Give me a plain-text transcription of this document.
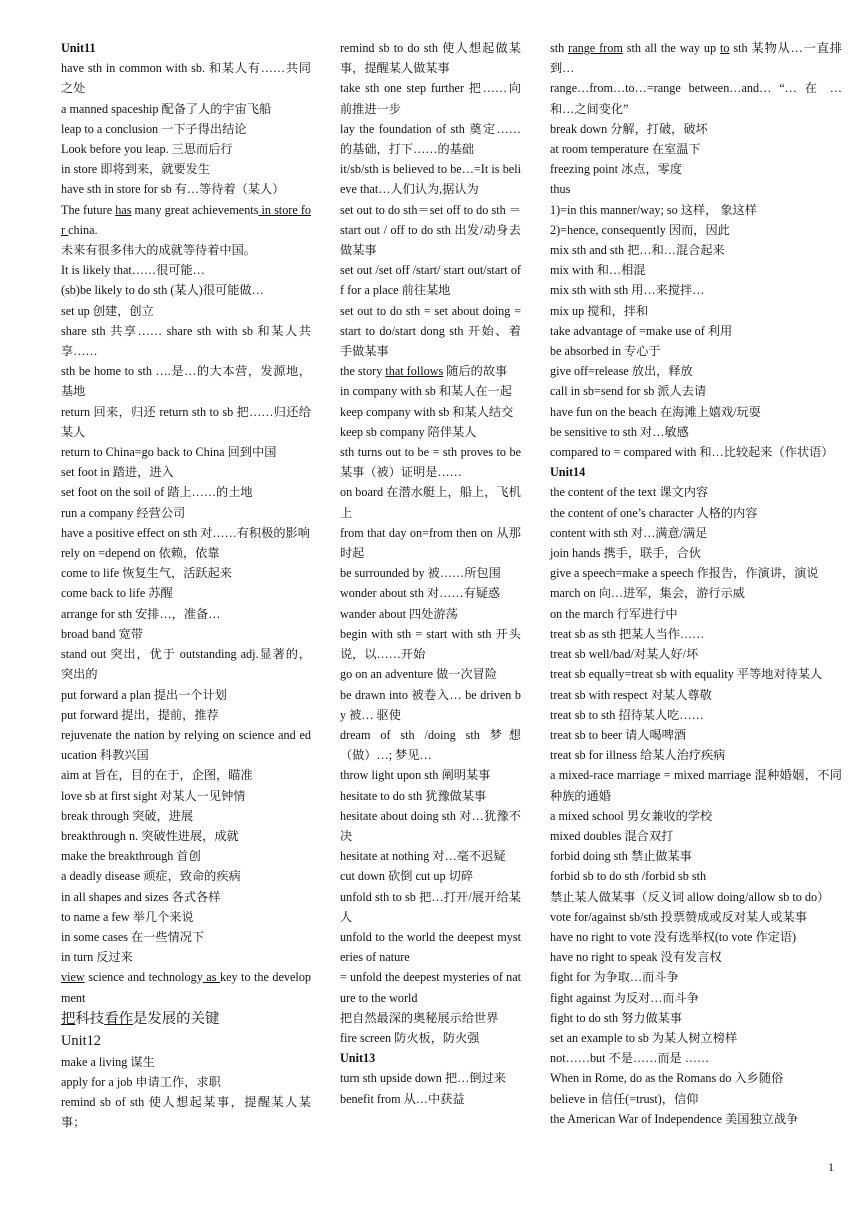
Unit11

have sth in common with sb. 和某人有……共同之处

a manned spaceship 配备了人的宇宙飞船

leap to a conclusion 一下子得出结论

Look before you leap. 三思而后行

in store 即将到来，就要发生

have sth in store for sb 有…等待着（某人）

The future has many great achievements in store for china.

未来有很多伟大的成就等待着中国。

It is likely that……很可能…

(sb)be likely to do sth (某人)很可能做…

set up 创建，创立

share sth 共享…… share sth with sb 和某人共享……

sth be home to sth ….是…的大本营，发源地，基地

return 回来，归还 return sth to sb 把……归还给某人

return to China=go back to China 回到中国

set foot in 踏进，进入

set foot on the soil of 踏上……的土地

run a company 经营公司

have a positive effect on sth 对……有积极的影响

rely on =depend on 依赖，依靠

come to life 恢复生气，活跃起来

come back to life 苏醒

arrange for sth 安排…，准备…

broad band 宽带

stand out 突出，优于 outstanding adj.显著的，突出的

put forward a plan 提出一个计划

put forward 提出，提前，推荐

rejuvenate the nation by relying on science and education 科教兴国

aim at 旨在，目的在于，企图，瞄准

love sb at first sight 对某人一见钟情

break through 突破，进展

breakthrough n. 突破性进展，成就

make the breakthrough 首创

a deadly disease 顽症，致命的疾病

in all shapes and sizes 各式各样

to name a few 举几个来说

in some cases 在一些情况下

in turn 反过来

view science and technology as key to the development

把科技看作是发展的关键

Unit12

make a living 谋生

apply for a job 申请工作，求职

remind sb of sth 使人想起某事，提醒某人某事；

remind sb to do sth 使人想起做某事，提醒某人做某事

take sth one step further 把……向前推进一步

lay the foundation of sth 奠定……的基础，打下……的基础

it/sb/sth is believed to be…=It is believe that…人们认为,据认为

set out to do sth＝set off to do sth ＝start out / off to do sth 出发/动身去做某事

set out /set off /start/ start out/start off for a place 前往某地

set out to do sth = set about doing = start to do/start dong sth 开始、着手做某事

the story that follows 随后的故事

in company with sb 和某人在一起

keep company with sb 和某人结交

keep sb company 陪伴某人

sth turns out to be = sth proves to be 某事（被）证明是……

on board 在潜水艇上，船上，飞机上

from that day on=from then on 从那时起

be surrounded by 被……所包围

wonder about sth 对……有疑惑

wander about 四处游荡

begin with sth = start with sth 开头说，以……开始

go on an adventure 做一次冒险

be drawn into 被卷入… be driven by 被… 驱使

dream of sth /doing sth 梦想（做）…; 梦见…

throw light upon sth 阐明某事

hesitate to do sth 犹豫做某事

hesitate about doing sth 对…犹豫不决

hesitate at nothing 对…毫不迟疑

cut down 砍倒 cut up 切碎

unfold sth to sb 把…打开/展开给某人

unfold to the world the deepest mysteries of nature

= unfold the deepest mysteries of nature to the world

把自然最深的奥秘展示给世界

fire screen 防火板，防火强

Unit13

turn sth upside down 把…倒过来

benefit from 从…中获益

sth range from sth all the way up to sth 某物从…一直排到…

range…from…to…=range between…and… “… 在 … 和…之间变化”

break down 分解，打破，破坏

at room temperature 在室温下

freezing point 冰点，零度

thus

1)=in this manner/way; so 这样， 象这样

2)=hence, consequently 因而，因此

mix sth and sth 把…和…混合起来

mix with 和…相混

mix sth with sth 用…来搅拌…

mix up 搅和，拌和

take advantage of =make use of 利用

be absorbed in 专心于

give off=release 放出，释放

call in sb=send for sb 派人去请

have fun on the beach 在海滩上嬉戏/玩耍

be sensitive to sth 对…敏感

compared to = compared with 和…比较起来（作状语）

Unit14

the content of the text 课文内容

the content of one’s character 人格的内容

content with sth 对…满意/满足

join hands 携手，联手，合伙

give a speech=make a speech 作报告，作演讲，演说

march on 向…进军，集会，游行示威

on the march 行军进行中

treat sb as sth 把某人当作……

treat sb well/bad/对某人好/坏

treat sb equally=treat sb with equality 平等地对待某人

treat sb with respect 对某人尊敬

treat sb to sth 招待某人吃……

treat sb to beer 请人喝啤酒

treat sb for illness 给某人治疗疾病

a mixed-race marriage = mixed marriage 混种婚姻，不同种族的通婚

a mixed school 男女兼收的学校

mixed doubles 混合双打

forbid doing sth 禁止做某事

forbid sb to do sth /forbid sb sth

禁止某人做某事（反义词 allow doing/allow sb to do）

vote for/against sb/sth 投票赞成或反对某人或某事

have no right to vote 没有选举权(to vote 作定语)

have no right to speak 没有发言权

fight for 为争取…而斗争

fight against 为反对…而斗争

fight to do sth 努力做某事

set an example to sb 为某人树立榜样

not……but 不是……而是 ……

When in Rome, do as the Romans do 入乡随俗

believe in 信任(=trust)，信仰

the American War of Independence 美国独立战争

1
